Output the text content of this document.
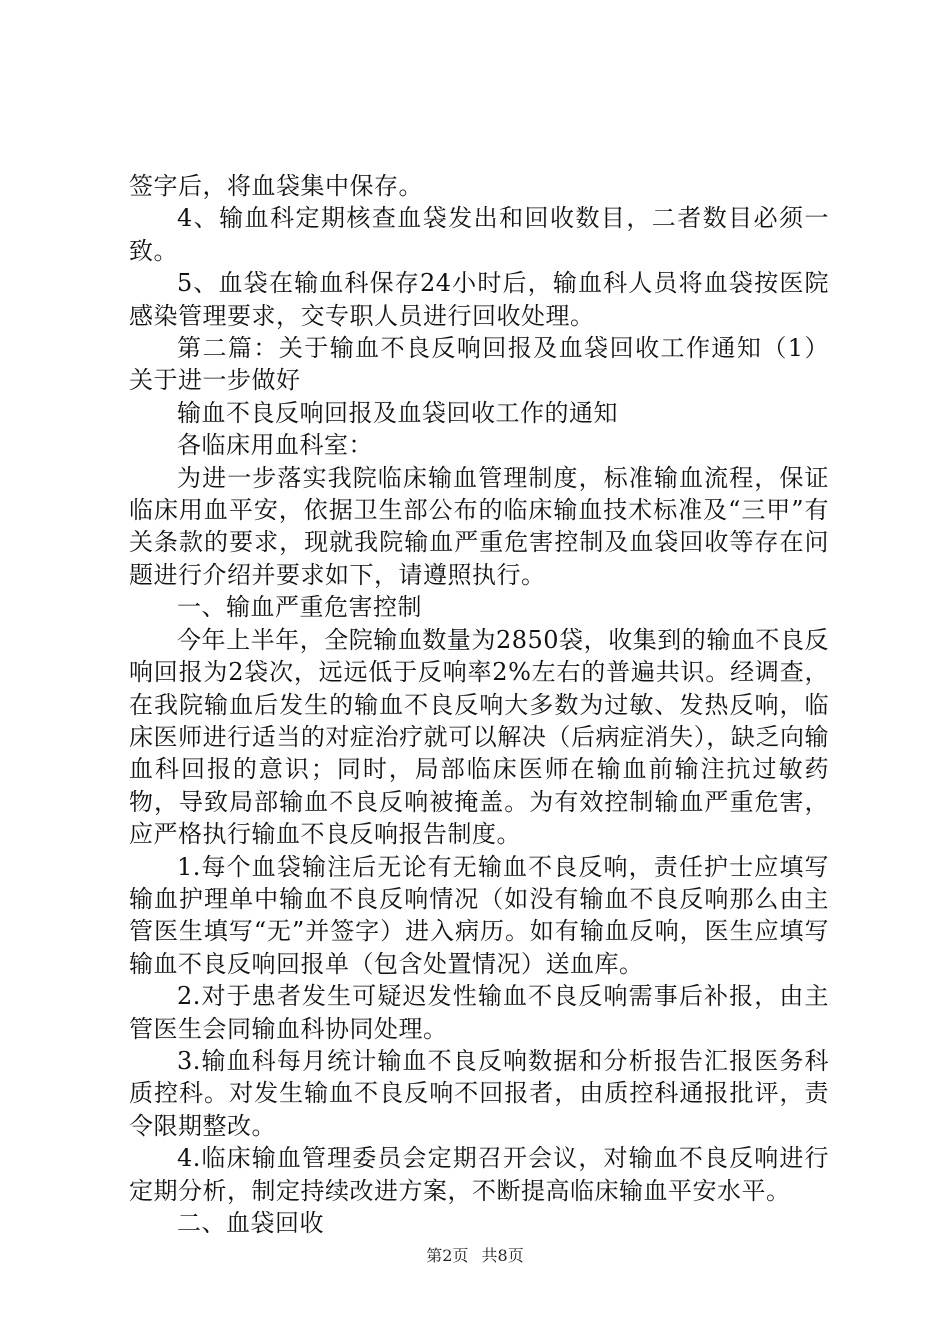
签字后，将血袋集中保存。

4、输血科定期核查血袋发出和回收数目，二者数目必须一致。

5、血袋在输血科保存24小时后，输血科人员将血袋按医院感染管理要求，交专职人员进行回收处理。

第二篇：关于输血不良反响回报及血袋回收工作通知（1）关于进一步做好

输血不良反响回报及血袋回收工作的通知

各临床用血科室：

为进一步落实我院临床输血管理制度，标准输血流程，保证临床用血平安，依据卫生部公布的临床输血技术标准及“三甲”有关条款的要求，现就我院输血严重危害控制及血袋回收等存在问题进行介绍并要求如下，请遵照执行。

一、输血严重危害控制

今年上半年，全院输血数量为2850袋，收集到的输血不良反响回报为2袋次，远远低于反响率2%左右的普遍共识。经调查，在我院输血后发生的输血不良反响大多数为过敏、发热反响，临床医师进行适当的对症治疗就可以解决（后病症消失），缺乏向输血科回报的意识；同时，局部临床医师在输血前输注抗过敏药物，导致局部输血不良反响被掩盖。为有效控制输血严重危害，应严格执行输血不良反响报告制度。

1.每个血袋输注后无论有无输血不良反响，责任护士应填写输血护理单中输血不良反响情况（如没有输血不良反响那么由主管医生填写“无”并签字）进入病历。如有输血反响，医生应填写输血不良反响回报单（包含处置情况）送血库。

2.对于患者发生可疑迟发性输血不良反响需事后补报，由主管医生会同输血科协同处理。

3.输血科每月统计输血不良反响数据和分析报告汇报医务科质控科。对发生输血不良反响不回报者，由质控科通报批评，责令限期整改。

4.临床输血管理委员会定期召开会议，对输血不良反响进行定期分析，制定持续改进方案，不断提高临床输血平安水平。

二、血袋回收

第2页 共8页
